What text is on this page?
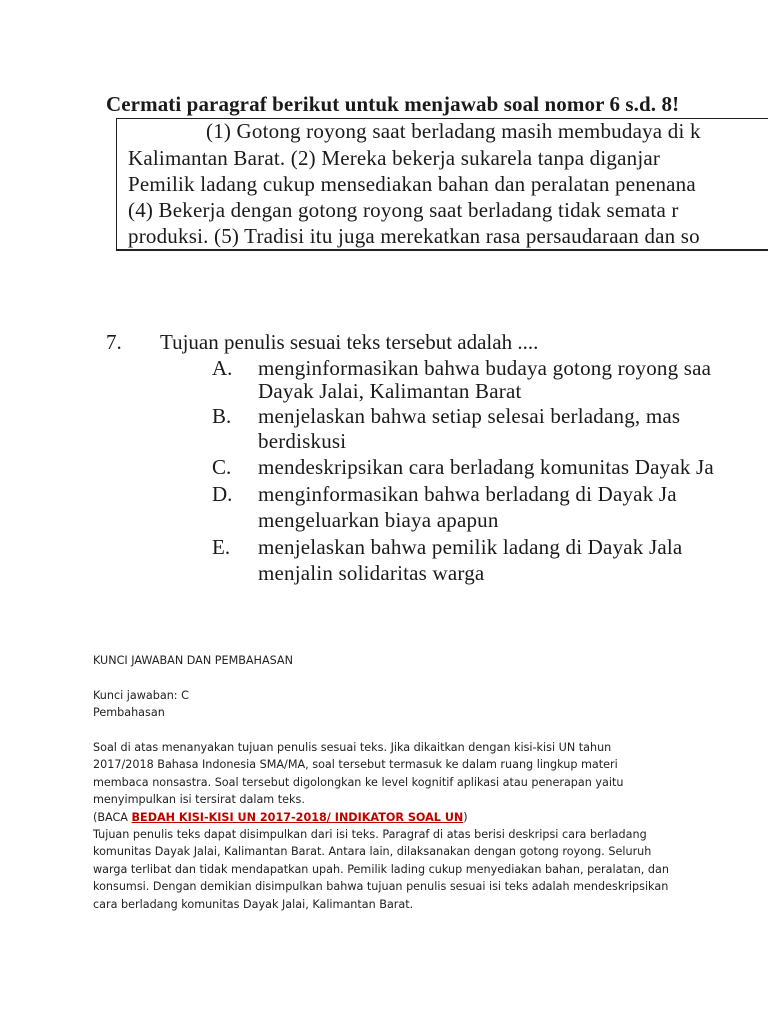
Cermati paragraf berikut untuk menjawab soal nomor 6 s.d. 8!
(1) Gotong royong saat berladang masih membudaya di k
Kalimantan Barat. (2) Mereka bekerja sukarela tanpa diganjar
Pemilik ladang cukup mensediakan bahan dan peralatan penenana
(4) Bekerja dengan gotong royong saat berladang tidak semata r
produksi. (5) Tradisi itu juga merekatkan rasa persaudaraan dan so
7. Tujuan penulis sesuai teks tersebut adalah ....
A. menginformasikan bahwa budaya gotong royong saa
Dayak Jalai, Kalimantan Barat
B. menjelaskan bahwa setiap selesai berladang, mas
berdiskusi
C. mendeskripsikan cara berladang komunitas Dayak Ja
D. menginformasikan bahwa berladang di Dayak Ja
mengeluarkan biaya apapun
E. menjelaskan bahwa pemilik ladang di Dayak Jala
menjalin solidaritas warga

KUNCI JAWABAN DAN PEMBAHASAN

Kunci jawaban: C

Pembahasan

Soal di atas menanyakan tujuan penulis sesuai teks. Jika dikaitkan dengan kisi-kisi UN tahun 2017/2018 Bahasa Indonesia SMA/MA, soal tersebut termasuk ke dalam ruang lingkup materi membaca nonsastra. Soal tersebut digolongkan ke level kognitif aplikasi atau penerapan yaitu menyimpulkan isi tersirat dalam teks.

(BACA BEDAH KISI-KISI UN 2017-2018/ INDIKATOR SOAL UN)

Tujuan penulis teks dapat disimpulkan dari isi teks. Paragraf di atas berisi deskripsi cara berladang komunitas Dayak Jalai, Kalimantan Barat. Antara lain, dilaksanakan dengan gotong royong. Seluruh warga terlibat dan tidak mendapatkan upah. Pemilik lading cukup menyediakan bahan, peralatan, dan konsumsi. Dengan demikian disimpulkan bahwa tujuan penulis sesuai isi teks adalah mendeskripsikan cara berladang komunitas Dayak Jalai, Kalimantan Barat.
